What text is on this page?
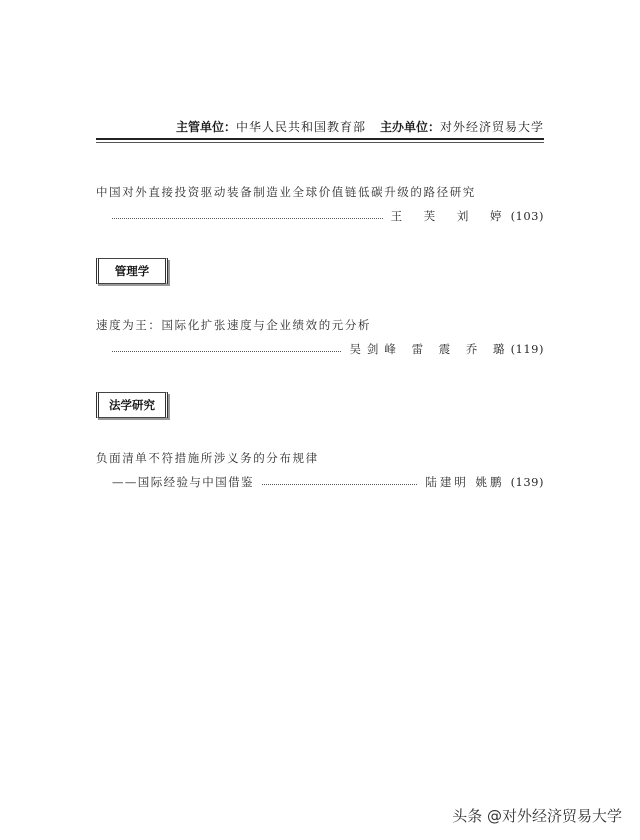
主管单位：中华人民共和国教育部 主办单位：对外经济贸易大学
中国对外直接投资驱动装备制造业全球价值链低碳升级的路径研究
王 芙 刘 婷 (103)
管理学
速度为王：国际化扩张速度与企业绩效的元分析
吴剑峰 雷 震 乔 璐 (119)
法学研究
负面清单不符措施所涉义务的分布规律
——国际经验与中国借鉴	陆建明 姚鹏 (139)
头条 @对外经济贸易大学
